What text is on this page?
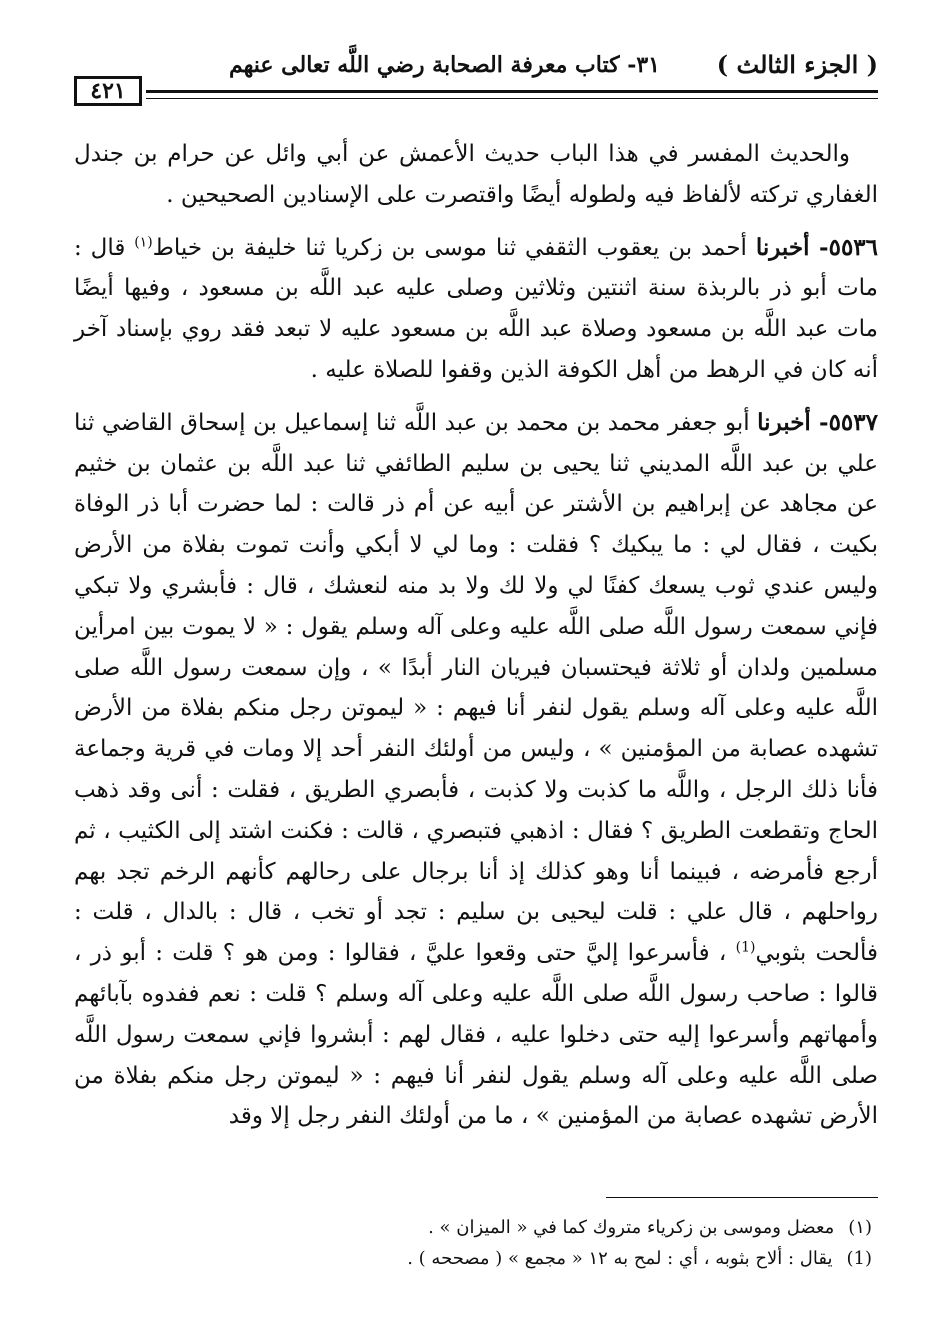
( الجزء الثالث )
٣١- كتاب معرفة الصحابة رضي اللَّه تعالى عنهم
٤٢١

والحديث المفسر في هذا الباب حديث الأعمش عن أبي وائل عن حرام بن جندل الغفاري تركته لألفاظ فيه ولطوله أيضًا واقتصرت على الإسنادين الصحيحين .

٥٥٣٦- أخبرنا أحمد بن يعقوب الثقفي ثنا موسى بن زكريا ثنا خليفة بن خياط$^{(١)}$ قال : مات أبو ذر بالربذة سنة اثنتين وثلاثين وصلى عليه عبد اللَّه بن مسعود ، وفيها أيضًا مات عبد اللَّه بن مسعود وصلاة عبد اللَّه بن مسعود عليه لا تبعد فقد روي بإسناد آخر أنه كان في الرهط من أهل الكوفة الذين وقفوا للصلاة عليه .

٥٥٣٧- أخبرنا أبو جعفر محمد بن محمد بن عبد اللَّه ثنا إسماعيل بن إسحاق القاضي ثنا علي بن عبد اللَّه المديني ثنا يحيى بن سليم الطائفي ثنا عبد اللَّه بن عثمان بن خثيم عن مجاهد عن إبراهيم بن الأشتر عن أبيه عن أم ذر قالت : لما حضرت أبا ذر الوفاة بكيت ، فقال لي : ما يبكيك ؟ فقلت : وما لي لا أبكي وأنت تموت بفلاة من الأرض وليس عندي ثوب يسعك كفنًا لي ولا لك ولا بد منه لنعشك ، قال : فأبشري ولا تبكي فإني سمعت رسول اللَّه صلى اللَّه عليه وعلى آله وسلم يقول : « لا يموت بين امرأين مسلمين ولدان أو ثلاثة فيحتسبان فيريان النار أبدًا » ، وإن سمعت رسول اللَّه صلى اللَّه عليه وعلى آله وسلم يقول لنفر أنا فيهم : « ليموتن رجل منكم بفلاة من الأرض تشهده عصابة من المؤمنين » ، وليس من أولئك النفر أحد إلا ومات في قرية وجماعة فأنا ذلك الرجل ، واللَّه ما كذبت ولا كذبت ، فأبصري الطريق ، فقلت : أنى وقد ذهب الحاج وتقطعت الطريق ؟ فقال : اذهبي فتبصري ، قالت : فكنت اشتد إلى الكثيب ، ثم أرجع فأمرضه ، فبينما أنا وهو كذلك إذ أنا برجال على رحالهم كأنهم الرخم تجد بهم رواحلهم ، قال علي : قلت ليحيى بن سليم : تجد أو تخب ، قال : بالدال ، قلت : فألحت بثوبي$^{(1)}$ ، فأسرعوا إليَّ حتى وقعوا عليَّ ، فقالوا : ومن هو ؟ قلت : أبو ذر ، قالوا : صاحب رسول اللَّه صلى اللَّه عليه وعلى آله وسلم ؟ قلت : نعم ففدوه بآبائهم وأمهاتهم وأسرعوا إليه حتى دخلوا عليه ، فقال لهم : أبشروا فإني سمعت رسول اللَّه صلى اللَّه عليه وعلى آله وسلم يقول لنفر أنا فيهم : « ليموتن رجل منكم بفلاة من الأرض تشهده عصابة من المؤمنين » ، ما من أولئك النفر رجل إلا وقد

(١)معضل وموسى بن زكرياء متروك كما في « الميزان » .

(1)يقال : ألاح بثوبه ، أي : لمح به ١٢ « مجمع » ( مصححه ) .
